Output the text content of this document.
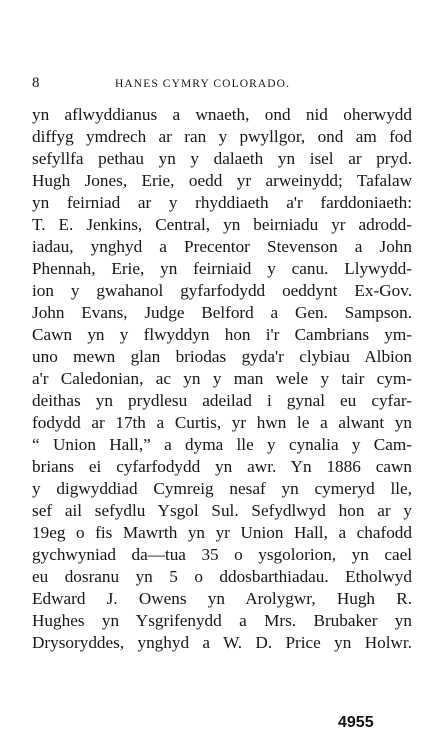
8	HANES CYMRY COLORADO.
yn aflwyddianus a wnaeth, ond nid oherwydd
diffyg ymdrech ar ran y pwyllgor, ond am fod
sefyllfa pethau yn y dalaeth yn isel ar pryd.
Hugh Jones, Erie, oedd yr arweinydd; Tafalaw
yn feirniad ar y rhyddiaeth a'r farddoniaeth:
T. E. Jenkins, Central, yn beirniadu yr adrodd-
iadau, ynghyd a Precentor Stevenson a John
Phennah, Erie, yn feirniaid y canu. Llywydd-
ion y gwahanol gyfarfodydd oeddynt Ex-Gov.
John Evans, Judge Belford a Gen. Sampson.
Cawn yn y flwyddyn hon i'r Cambrians ym-
uno mewn glan briodas gyda'r clybiau Albion
a'r Caledonian, ac yn y man wele y tair cym-
deithas yn prydlesu adeilad i gynal eu cyfar-
fodydd ar 17th a Curtis, yr hwn le a alwant yn
“ Union Hall,” a dyma lle y cynalia y Cam-
brians ei cyfarfodydd yn awr. Yn 1886 cawn
y digwyddiad Cymreig nesaf yn cymeryd lle,
sef ail sefydlu Ysgol Sul. Sefydlwyd hon ar y
19eg o fis Mawrth yn yr Union Hall, a chafodd
gychwyniad da—tua 35 o ysgolorion, yn cael
eu dosranu yn 5 o ddosbarthiadau. Etholwyd
Edward J. Owens yn Arolygwr, Hugh R.
Hughes yn Ysgrifenydd a Mrs. Brubaker yn
Drysoryddes, ynghyd a W. D. Price yn Holwr.
4955
